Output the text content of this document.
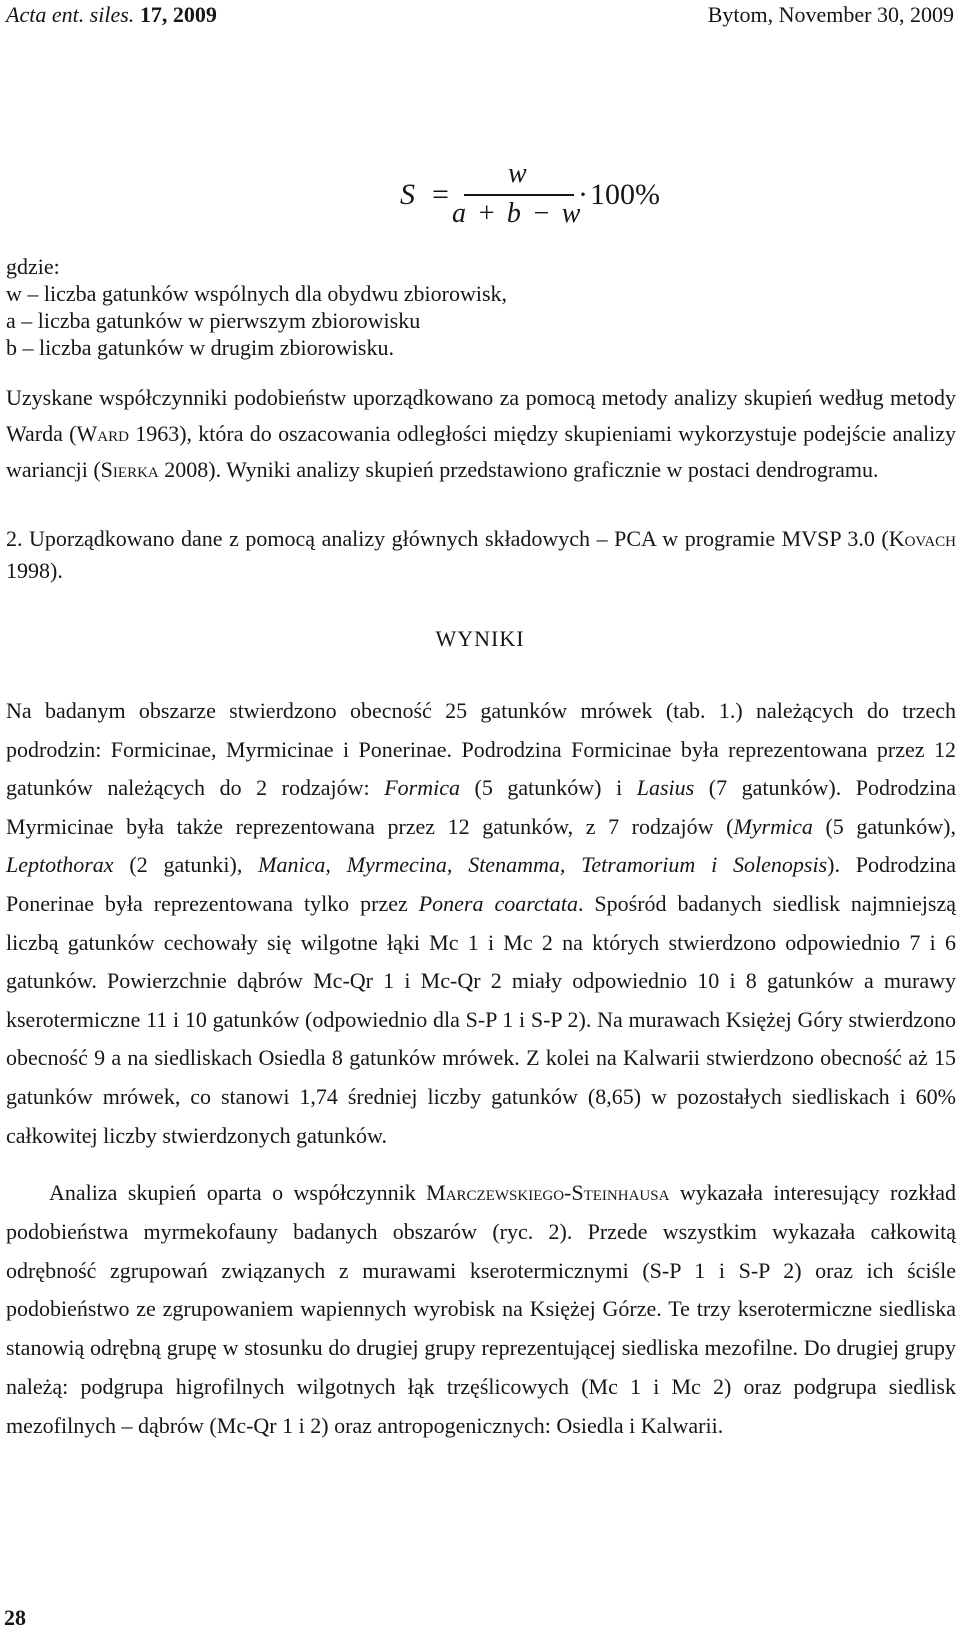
Acta ent. siles. 17, 2009	Bytom, November 30, 2009
S =
w
a + b − w
· 100%
gdzie:
w – liczba gatunków wspólnych dla obydwu zbiorowisk,
a – liczba gatunków w pierwszym zbiorowisku
b – liczba gatunków w drugim zbiorowisku.

Uzyskane współczynniki podobieństw uporządkowano za pomocą metody analizy skupień według metody Warda (Ward 1963), która do oszacowania odległości między skupieniami wykorzystuje podejście analizy wariancji (Sierka 2008). Wyniki analizy skupień przedstawiono graficznie w postaci dendrogramu.

2. Uporządkowano dane z pomocą analizy głównych składowych – PCA w programie MVSP 3.0 (Kovach 1998).

WYNIKI

Na badanym obszarze stwierdzono obecność 25 gatunków mrówek (tab. 1.) należących do trzech podrodzin: Formicinae, Myrmicinae i Ponerinae. Podrodzina Formicinae była reprezentowana przez 12 gatunków należących do 2 rodzajów: Formica (5 gatunków) i Lasius (7 gatunków). Podrodzina Myrmicinae była także reprezentowana przez 12 gatunków, z 7 rodzajów (Myrmica (5 gatunków), Leptothorax (2 gatunki), Manica, Myrmecina, Stenamma, Tetramorium i Solenopsis). Podrodzina Ponerinae była reprezentowana tylko przez Ponera coarctata. Spośród badanych siedlisk najmniejszą liczbą gatunków cechowały się wilgotne łąki Mc 1 i Mc 2 na których stwierdzono odpowiednio 7 i 6 gatunków. Powierzchnie dąbrów Mc-Qr 1 i Mc-Qr 2 miały odpowiednio 10 i 8 gatunków a murawy kserotermiczne 11 i 10 gatunków (odpowiednio dla S-P 1 i S-P 2). Na murawach Księżej Góry stwierdzono obecność 9 a na siedliskach Osiedla 8 gatunków mrówek. Z kolei na Kalwarii stwierdzono obecność aż 15 gatunków mrówek, co stanowi 1,74 średniej liczby gatunków (8,65) w pozostałych siedliskach i 60% całkowitej liczby stwierdzonych gatunków.

Analiza skupień oparta o współczynnik Marczewskiego-Steinhausa wykazała interesujący rozkład podobieństwa myrmekofauny badanych obszarów (ryc. 2). Przede wszystkim wykazała całkowitą odrębność zgrupowań związanych z murawami kserotermicznymi (S-P 1 i S-P 2) oraz ich ściśle podobieństwo ze zgrupowaniem wapiennych wyrobisk na Księżej Górze. Te trzy kserotermiczne siedliska stanowią odrębną grupę w stosunku do drugiej grupy reprezentującej siedliska mezofilne. Do drugiej grupy należą: podgrupa higrofilnych wilgotnych łąk trzęślicowych (Mc 1 i Mc 2) oraz podgrupa siedlisk mezofilnych – dąbrów (Mc-Qr 1 i 2) oraz antropogenicznych: Osiedla i Kalwarii.

28
